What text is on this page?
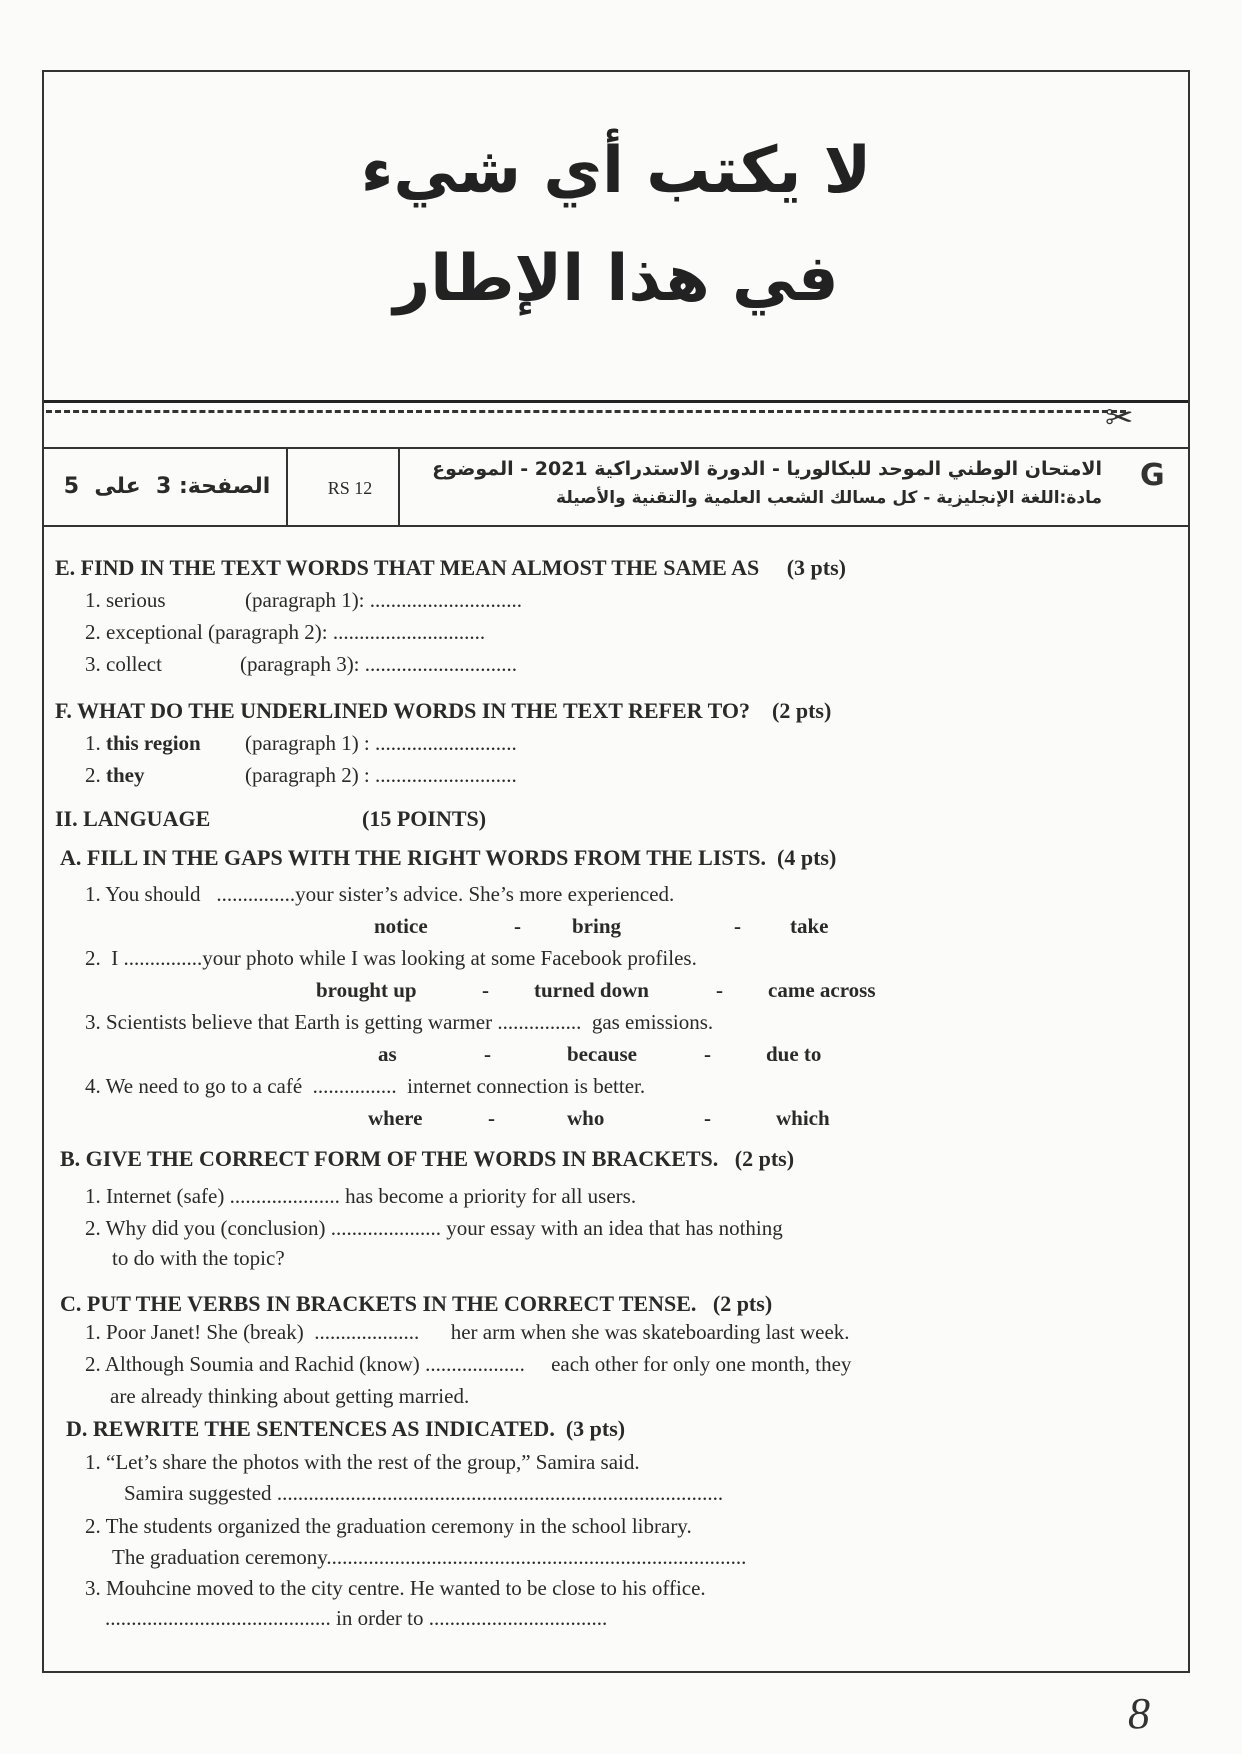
لا يكتب أي شيء
في هذا الإطار
✂
الصفحة: 3  على  5	RS 12
الامتحان الوطني الموحد للبكالوريا - الدورة الاستدراكية 2021 - الموضوع
مادة:اللغة الإنجليزية - كل مسالك الشعب العلمية والتقنية والأصيلة
G
E. FIND IN THE TEXT WORDS THAT MEAN ALMOST THE SAME AS (3 pts)
1. serious	(paragraph 1): .............................
2. exceptional (paragraph 2): .............................
3. collect	(paragraph 3): .............................
F. WHAT DO THE UNDERLINED WORDS IN THE TEXT REFER TO? (2 pts)
1. this region (paragraph 1) : ...........................
2. they	(paragraph 2) : ...........................
II. LANGUAGE	(15 POINTS)
A. FILL IN THE GAPS WITH THE RIGHT WORDS FROM THE LISTS. (4 pts)
1. You should ...............your sister’s advice. She’s more experienced.
notice	- bring	- take
2. I ...............your photo while I was looking at some Facebook profiles.
brought up	- turned down	- came across
3. Scientists believe that Earth is getting warmer ................ gas emissions.
as	-	because	-	due to
4. We need to go to a café ................ internet connection is better.
where	-	who	-	which
B. GIVE THE CORRECT FORM OF THE WORDS IN BRACKETS. (2 pts)
1. Internet (safe) ..................... has become a priority for all users.
2. Why did you (conclusion) ..................... your essay with an idea that has nothing
to do with the topic?
C. PUT THE VERBS IN BRACKETS IN THE CORRECT TENSE. (2 pts)
1. Poor Janet! She (break) .................... her arm when she was skateboarding last week.
2. Although Soumia and Rachid (know) ................... each other for only one month, they
are already thinking about getting married.
D. REWRITE THE SENTENCES AS INDICATED. (3 pts)
1. “Let’s share the photos with the rest of the group,” Samira said.
Samira suggested .....................................................................................
2. The students organized the graduation ceremony in the school library.
The graduation ceremony................................................................................
3. Mouhcine moved to the city centre. He wanted to be close to his office.
........................................... in order to ..................................
8
